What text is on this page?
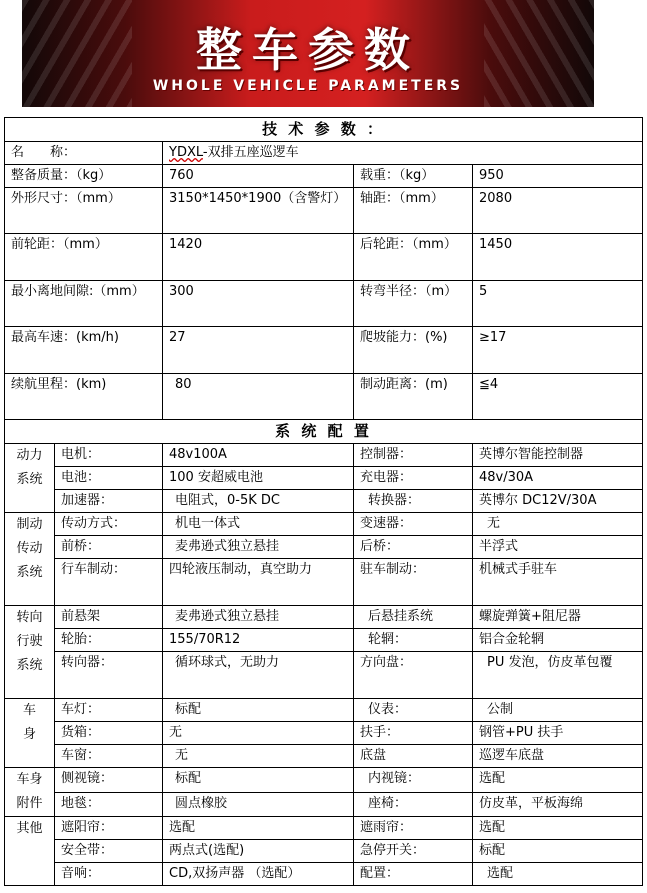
整车参数
WHOLE VEHICLE PARAMETERS
技 术 参 数 ：				
名　　称：		YDXL-双排五座巡逻车		
整备质量：（kg）		760	载重：（kg）	950
外形尺寸：（mm）		3150*1450*1900（含警灯）	轴距：（mm）	2080
前轮距：（mm）		1420	后轮距：（mm）	1450
最小离地间隙:（mm）		300	转弯半径：（m）	5
最高车速：(km/h)		27	爬坡能力：(%)	≥17
续航里程：(km)		80	制动距离：(m)	≦4
系 统 配 置				

动力
系统	电机：	48v100A	控制器：	英博尔智能控制器
	电池：	100 安超威电池	充电器：	48v/30A
	加速器：	电阻式，0-5K DC	转换器：	英博尔 DC12V/30A

制动
传动
系统	传动方式：	机电一体式	变速器：	无
	前桥：	麦弗逊式独立悬挂	后桥：	半浮式
	行车制动：	四轮液压制动，真空助力	驻车制动：	机械式手驻车

转向
行驶
系统	前悬架	麦弗逊式独立悬挂	后悬挂系统	螺旋弹簧+阻尼器
	轮胎：	155/70R12	轮辋：	铝合金轮辋
	转向器：	循环球式，无助力	方向盘：	PU 发泡，仿皮革包覆

车
身	车灯：	标配	仪表：	公制
	货箱：	无	扶手：	钢管+PU 扶手
	车窗：	无	底盘	巡逻车底盘

车身
附件	侧视镜：	标配	内视镜：	选配
	地毯：	圆点橡胶	座椅：	仿皮革，平板海绵

其他	遮阳帘：	选配	遮雨帘：	选配
	安全带：	两点式(选配)	急停开关：	标配
	音响：	CD,双扬声器 （选配）	配置：	选配
